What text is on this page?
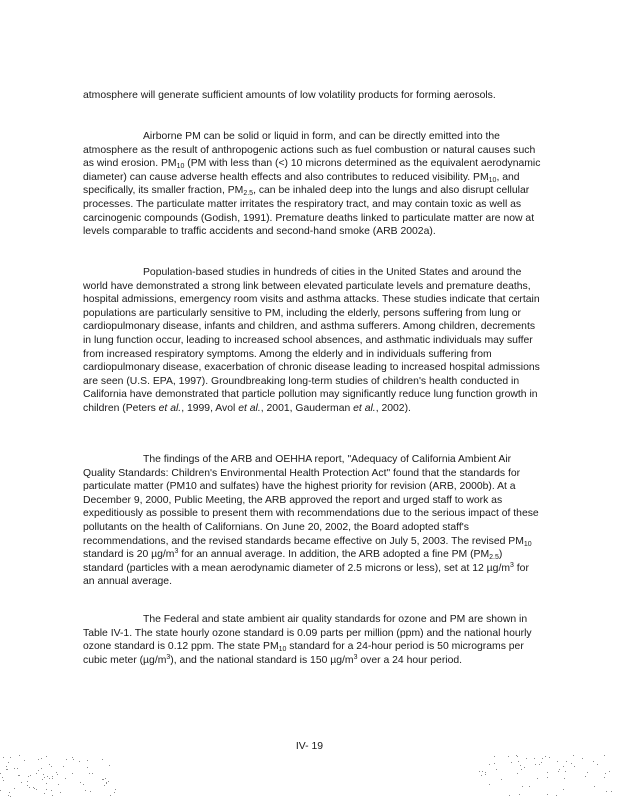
atmosphere will generate sufficient amounts of low volatility products for forming aerosols.

Airborne PM can be solid or liquid in form, and can be directly emitted into the atmosphere as the result of anthropogenic actions such as fuel combustion or natural causes such as wind erosion. $PM_{10}$ (PM with less than (<) 10 microns determined as the equivalent aerodynamic diameter) can cause adverse health effects and also contributes to reduced visibility. $PM_{10}$, and specifically, its smaller fraction, $PM_{2.5}$, can be inhaled deep into the lungs and also disrupt cellular processes. The particulate matter irritates the respiratory tract, and may contain toxic as well as carcinogenic compounds (Godish, 1991). Premature deaths linked to particulate matter are now at levels comparable to traffic accidents and second-hand smoke (ARB 2002a).

Population-based studies in hundreds of cities in the United States and around the world have demonstrated a strong link between elevated particulate levels and premature deaths, hospital admissions, emergency room visits and asthma attacks. These studies indicate that certain populations are particularly sensitive to PM, including the elderly, persons suffering from lung or cardiopulmonary disease, infants and children, and asthma sufferers. Among children, decrements in lung function occur, leading to increased school absences, and asthmatic individuals may suffer from increased respiratory symptoms. Among the elderly and in individuals suffering from cardiopulmonary disease, exacerbation of chronic disease leading to increased hospital admissions are seen (U.S. EPA, 1997). Groundbreaking long-term studies of children's health conducted in California have demonstrated that particle pollution may significantly reduce lung function growth in children (Peters et al., 1999, Avol et al., 2001, Gauderman et al., 2002).

The findings of the ARB and OEHHA report, "Adequacy of California Ambient Air Quality Standards: Children's Environmental Health Protection Act" found that the standards for particulate matter (PM10 and sulfates) have the highest priority for revision (ARB, 2000b). At a December 9, 2000, Public Meeting, the ARB approved the report and urged staff to work as expeditiously as possible to present them with recommendations due to the serious impact of these pollutants on the health of Californians. On June 20, 2002, the Board adopted staff's recommendations, and the revised standards became effective on July 5, 2003. The revised $PM_{10}$ standard is 20 $\mu g/m^3$ for an annual average. In addition, the ARB adopted a fine PM $(PM_{2.5})$ standard (particles with a mean aerodynamic diameter of 2.5 microns or less), set at 12 $\mu g/m^3$ for an annual average.

The Federal and state ambient air quality standards for ozone and PM are shown in Table IV-1. The state hourly ozone standard is 0.09 parts per million (ppm) and the national hourly ozone standard is 0.12 ppm. The state $PM_{10}$ standard for a 24-hour period is 50 micrograms per cubic meter $(\mu g/m^3)$, and the national standard is 150 $\mu g/m^3$ over a 24 hour period.

IV- 19
